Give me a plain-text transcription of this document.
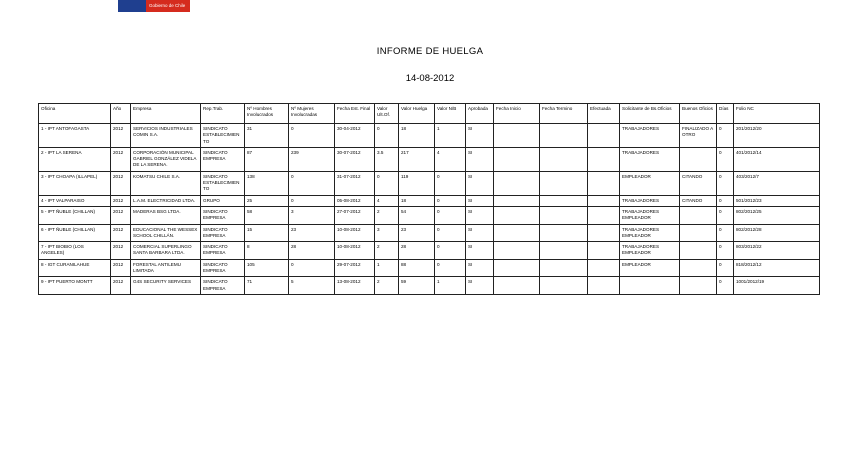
Gobierno de Chile
INFORME DE HUELGA
14-08-2012
Oficina	Año	Empresa	Rep.Trab.	Nº Hombres Involucrados	Nº Mujeres Involucradas	Fecha Est. Final	Valor Ult.Of.	Valor Huelga	Valor N/B	Aprobada	Fecha Inicio	Fecha Termino	Efectuada	Solicitante de Bs.Oficios	Buenos Oficios	Días	Folio NC
1 - IPT ANTOFAGASTA	2012	SERVICIOS INDUSTRIALES COMIN S.A.	SINDICATO ESTABLECIMIENTO	31	0	30-04-2012	0	18	1	SI				TRABAJADORES	FINALIZADO A OTRO	0	201/2012/20
2 - IPT LA SERENA	2012	CORPORACIÓN MUNICIPAL GABRIEL GONZÁLEZ VIDELA DE LA SERENA.	SINDICATO EMPRESA	87	239	30-07-2012	3.5	217	4	SI				TRABAJADORES		0	401/2012/14
3 - IPT CHOAPA (ILLAPEL)	2012	KOMATSU CHILE S.A.	SINDICATO ESTABLECIMIENTO	138	0	31-07-2012	0	119	0	SI				EMPLEADOR	CITANDO	0	403/2012/7
4 - IPT VALPARAISO	2012	L.A.M. ELECTRICIDAD LTDA.	GRUPO	25	0	05-08-2012	4	18	0	SI				TRABAJADORES	CITANDO	0	501/2012/23
5 - IPT ÑUBLE (CHILLAN)	2012	MADERAS BSG LTDA.	SINDICATO EMPRESA	58	3	27-07-2012	2	54	0	SI				TRABAJADORES EMPLEADOR		0	802/2012/25
6 - IPT ÑUBLE (CHILLAN)	2012	EDUCACIONAL THE WESSEX SCHOOL CHILLÁN.	SINDICATO EMPRESA	15	23	10-08-2012	3	23	0	SI				TRABAJADORES EMPLEADOR		0	802/2012/28
7 - IPT BIOBIO (LOS ANGELES)	2012	COMERCIAL SUPERLINGO SANTA BARBARA LTDA.	SINDICATO EMPRESA	8	28	10-08-2012	2	28	0	SI				TRABAJADORES EMPLEADOR		0	803/2012/22
8 - IGT CURANILAHUE	2012	FORESTAL ANTILEMU LIMITADA	SINDICATO EMPRESA	105	0	29-07-2012	1	88	0	SI				EMPLEADOR		0	818/2012/12
9 - IPT PUERTO MONTT	2012	G4S SECURITY SERVICES	SINDICATO EMPRESA	71	5	13-08-2012	2	59	1	SI						0	1001/2012/19
